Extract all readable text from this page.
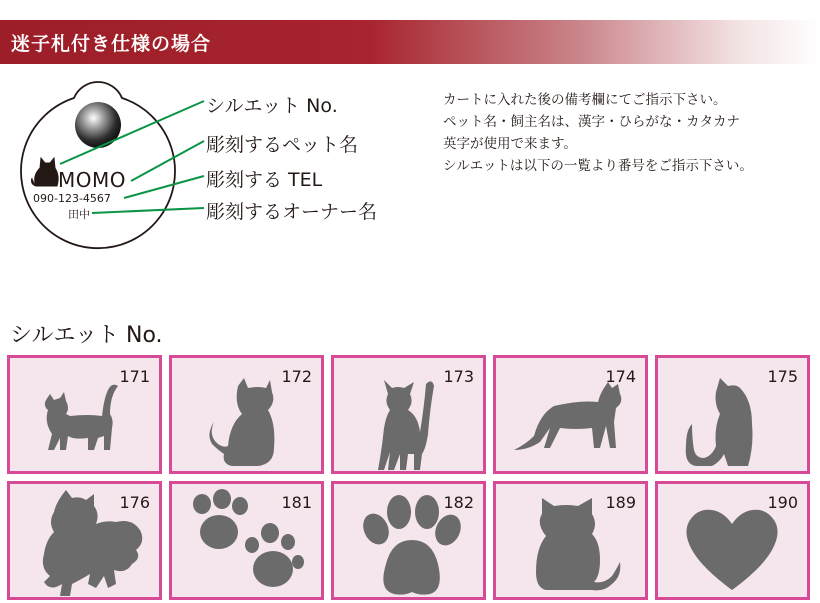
迷子札付き仕様の場合
MOMO
090-123-4567
田中
シルエット No.
彫刻するペット名
彫刻する TEL
彫刻するオーナー名
カートに入れた後の備考欄にてご指示下さい。
ペット名・飼主名は、漢字・ひらがな・カタカナ
英字が使用で来ます。
シルエットは以下の一覧より番号をご指示下さい。
シルエット No.
171	172	173	174	175
176	181	182	189	190
